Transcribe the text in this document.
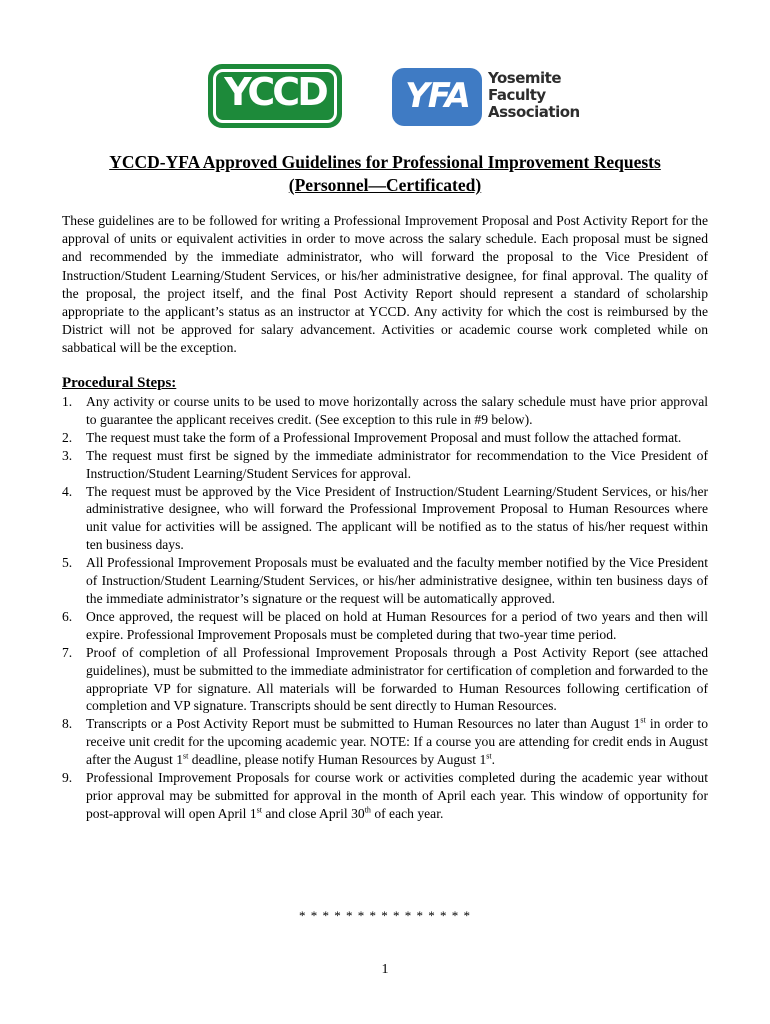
YCCD	YFA	Yosemite
Faculty
Association
YCCD-YFA Approved Guidelines for Professional Improvement Requests
(Personnel—Certificated)

These guidelines are to be followed for writing a Professional Improvement Proposal and Post Activity Report for the approval of units or equivalent activities in order to move across the salary schedule. Each proposal must be signed and recommended by the immediate administrator, who will forward the proposal to the Vice President of Instruction/Student Learning/Student Services, or his/her administrative designee, for final approval. The quality of the proposal, the project itself, and the final Post Activity Report should represent a standard of scholarship appropriate to the applicant’s status as an instructor at YCCD. Any activity for which the cost is reimbursed by the District will not be approved for salary advancement. Activities or academic course work completed while on sabbatical will be the exception.

Procedural Steps:
1. Any activity or course units to be used to move horizontally across the salary schedule must have prior approval to guarantee the applicant receives credit. (See exception to this rule in #9 below).
2. The request must take the form of a Professional Improvement Proposal and must follow the attached format.
3. The request must first be signed by the immediate administrator for recommendation to the Vice President of Instruction/Student Learning/Student Services for approval.
4. The request must be approved by the Vice President of Instruction/Student Learning/Student Services, or his/her administrative designee, who will forward the Professional Improvement Proposal to Human Resources where unit value for activities will be assigned. The applicant will be notified as to the status of his/her request within ten business days.
5. All Professional Improvement Proposals must be evaluated and the faculty member notified by the Vice President of Instruction/Student Learning/Student Services, or his/her administrative designee, within ten business days of the immediate administrator’s signature or the request will be automatically approved.
6. Once approved, the request will be placed on hold at Human Resources for a period of two years and then will expire. Professional Improvement Proposals must be completed during that two-year time period.
7. Proof of completion of all Professional Improvement Proposals through a Post Activity Report (see attached guidelines), must be submitted to the immediate administrator for certification of completion and forwarded to the appropriate VP for signature. All materials will be forwarded to Human Resources following certification of completion and VP signature. Transcripts should be sent directly to Human Resources.
8. Transcripts or a Post Activity Report must be submitted to Human Resources no later than August 1st in order to receive unit credit for the upcoming academic year. NOTE: If a course you are attending for credit ends in August after the August 1st deadline, please notify Human Resources by August 1st.
9. Professional Improvement Proposals for course work or activities completed during the academic year without prior approval may be submitted for approval in the month of April each year. This window of opportunity for post-approval will open April 1st and close April 30th of each year.
* * * * * * * * * * * * * * *
1
